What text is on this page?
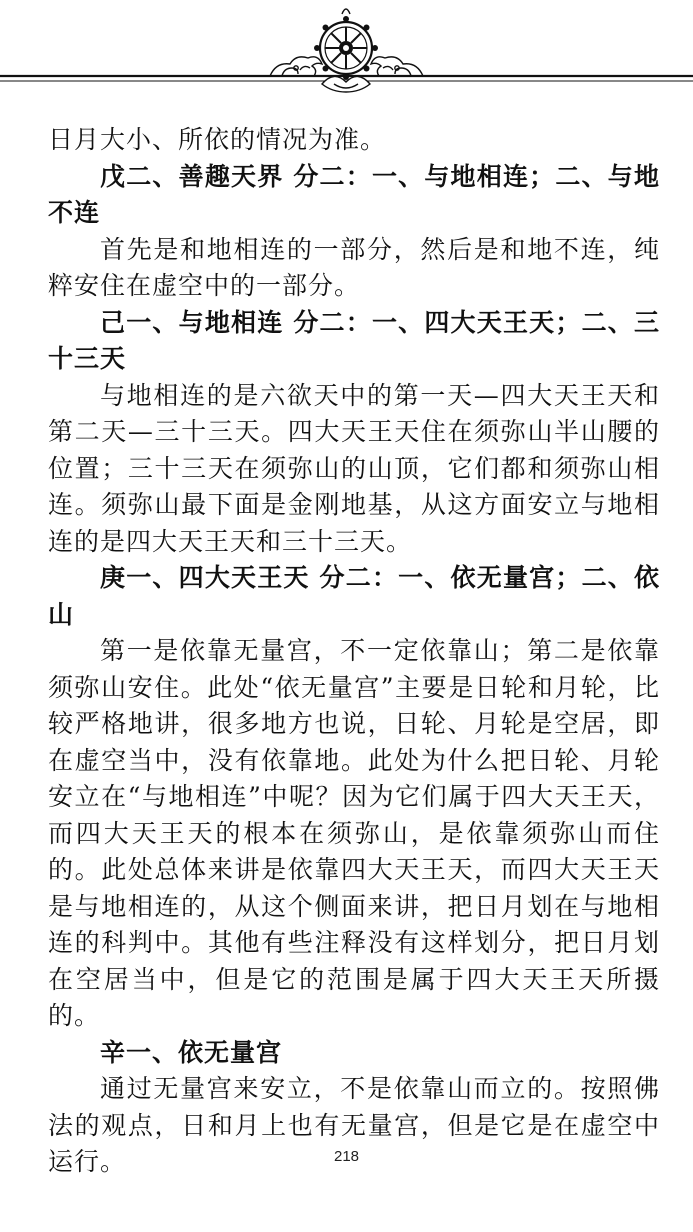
日月大小、所依的情况为准。

戊二、善趣天界 分二：一、与地相连；二、与地不连

首先是和地相连的一部分，然后是和地不连，纯粹安住在虚空中的一部分。

己一、与地相连 分二：一、四大天王天；二、三十三天

与地相连的是六欲天中的第一天—四大天王天和第二天—三十三天。四大天王天住在须弥山半山腰的位置；三十三天在须弥山的山顶，它们都和须弥山相连。须弥山最下面是金刚地基，从这方面安立与地相连的是四大天王天和三十三天。

庚一、四大天王天 分二：一、依无量宫；二、依山

第一是依靠无量宫，不一定依靠山；第二是依靠须弥山安住。此处“依无量宫”主要是日轮和月轮，比较严格地讲，很多地方也说，日轮、月轮是空居，即在虚空当中，没有依靠地。此处为什么把日轮、月轮安立在“与地相连”中呢？因为它们属于四大天王天，而四大天王天的根本在须弥山，是依靠须弥山而住的。此处总体来讲是依靠四大天王天，而四大天王天是与地相连的，从这个侧面来讲，把日月划在与地相连的科判中。其他有些注释没有这样划分，把日月划在空居当中，但是它的范围是属于四大天王天所摄的。

辛一、依无量宫

通过无量宫来安立，不是依靠山而立的。按照佛法的观点，日和月上也有无量宫，但是它是在虚空中运行。	218
